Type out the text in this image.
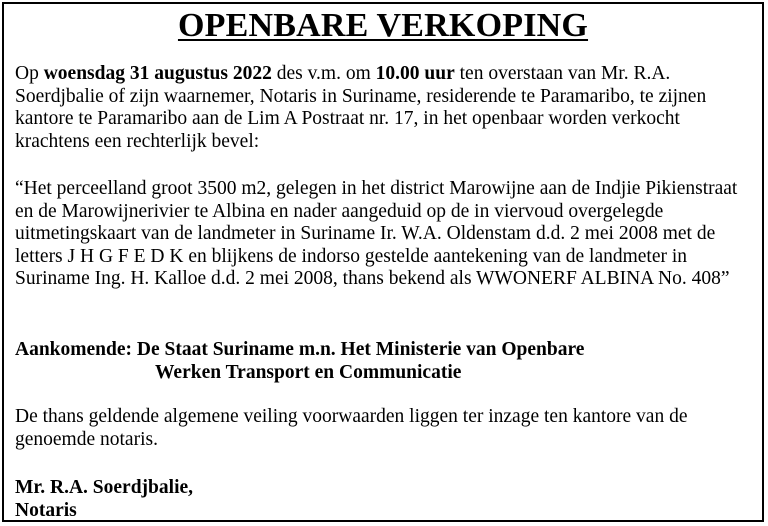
OPENBARE VERKOPING

Op woensdag 31 augustus 2022 des v.m. om 10.00 uur ten overstaan van Mr. R.A. Soerdjbalie of zijn waarnemer, Notaris in Suriname, residerende te Paramaribo, te zijnen kantore te Paramaribo aan de Lim A Postraat nr. 17, in het openbaar worden verkocht krachtens een rechterlijk bevel:

“Het perceelland groot 3500 m2, gelegen in het district Marowijne aan de Indjie Pikienstraat en de Marowijnerivier te Albina en nader aangeduid op de in viervoud overgelegde uitmetingskaart van de landmeter in Suriname Ir. W.A. Oldenstam d.d. 2 mei 2008 met de letters J H G F E D K en blijkens de indorso gestelde aantekening van de landmeter in Suriname Ing. H. Kalloe d.d. 2 mei 2008, thans bekend als WWONERF ALBINA No. 408”

Aankomende: De Staat Suriname m.n. Het Ministerie van Openbare
Werken Transport en Communicatie

De thans geldende algemene veiling voorwaarden liggen ter inzage ten kantore van de genoemde notaris.

Mr. R.A. Soerdjbalie,
Notaris
